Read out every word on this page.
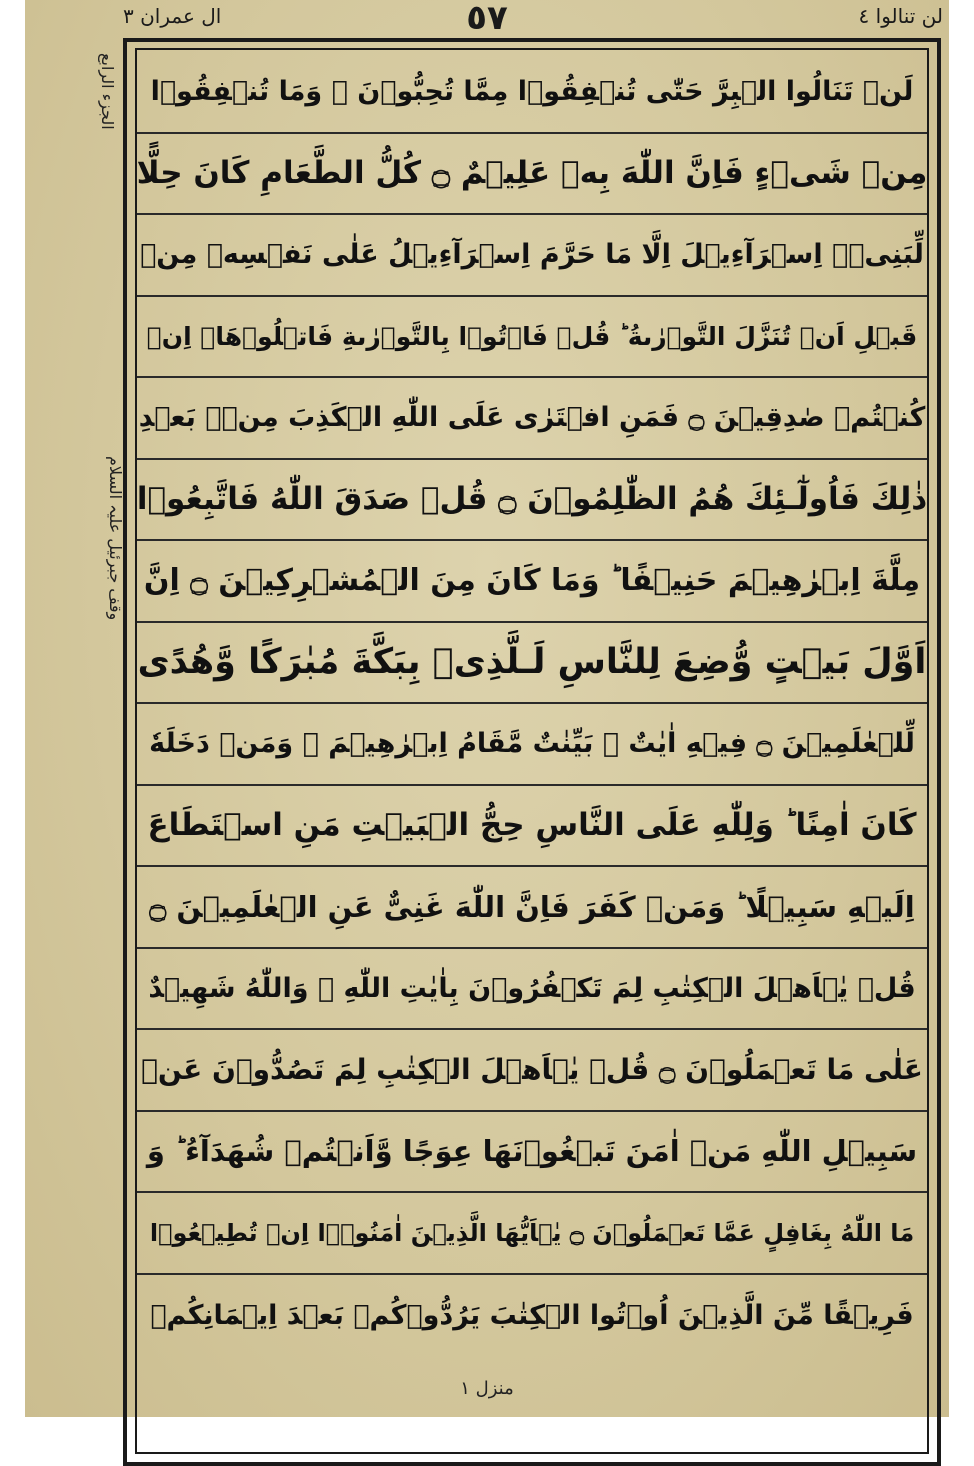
لن تنالوا ٤
٥٧
ال عمران ٣
الجزء الرابع
وقف جبرئیل علیہ السلام
لَنۡ تَنَالُوا الۡبِرَّ حَتّٰى تُنۡفِقُوۡا مِمَّا تُحِبُّوۡنَ ۬ وَمَا تُنۡفِقُوۡا
مِنۡ شَىۡءٍ فَاِنَّ اللّٰهَ بِهٖ عَلِيۡمٌ ۝ كُلُّ الطَّعَامِ كَانَ حِلًّا
لِّبَنِىۡۤ اِسۡرَآءِيۡلَ اِلَّا مَا حَرَّمَ اِسۡرَآءِيۡلُ عَلٰى نَفۡسِهٖ مِنۡ
قَبۡلِ اَنۡ تُنَزَّلَ التَّوۡرٰٮةُ ‌ؕ قُلۡ فَاۡتُوۡا بِالتَّوۡرٰٮةِ فَاتۡلُوۡهَاۤ اِنۡ
كُنۡتُمۡ صٰدِقِيۡنَ ۝ فَمَنِ افۡتَرٰى عَلَى اللّٰهِ الۡكَذِبَ مِنۡۢ بَعۡدِ
ذٰلِكَ فَاُولٰٓـئِكَ هُمُ الظّٰلِمُوۡنَ ۝ قُلۡ صَدَقَ اللّٰهُ‌ فَاتَّبِعُوۡا
مِلَّةَ اِبۡرٰهِيۡمَ حَنِيۡفًا ؕ وَمَا كَانَ مِنَ الۡمُشۡرِكِيۡنَ ۝ اِنَّ
اَوَّلَ بَيۡتٍ وُّضِعَ لِلنَّاسِ لَـلَّذِىۡ بِبَكَّةَ مُبٰرَكًا وَّهُدًى
لِّلۡعٰلَمِيۡنَ ۝ فِيۡهِ اٰيٰتٌ ۢ بَيِّنٰتٌ مَّقَامُ اِبۡرٰهِيۡمَ ۚ وَمَنۡ دَخَلَهٗ
كَانَ اٰمِنًا ؕ وَلِلّٰهِ عَلَى النَّاسِ حِجُّ الۡبَيۡتِ مَنِ اسۡتَطَاعَ
اِلَيۡهِ سَبِيۡلًا ؕ وَمَنۡ كَفَرَ فَاِنَّ اللّٰهَ غَنِىٌّ عَنِ الۡعٰلَمِيۡنَ ۝
قُلۡ يٰۤاَهۡلَ الۡكِتٰبِ لِمَ تَكۡفُرُوۡنَ بِاٰيٰتِ اللّٰهِ ۖ وَاللّٰهُ شَهِيۡدٌ
عَلٰى مَا تَعۡمَلُوۡنَ ۝ قُلۡ يٰۤاَهۡلَ الۡكِتٰبِ لِمَ تَصُدُّوۡنَ عَنۡ
سَبِيۡلِ اللّٰهِ مَنۡ اٰمَنَ تَبۡغُوۡنَهَا عِوَجًا وَّاَنۡتُمۡ شُهَدَآءُ ‌ؕ وَ
مَا اللّٰهُ بِغَافِلٍ عَمَّا تَعۡمَلُوۡنَ ۝ يٰۤاَيُّهَا الَّذِيۡنَ اٰمَنُوۡۤا اِنۡ تُطِيۡعُوۡا
فَرِيۡقًا مِّنَ الَّذِيۡنَ اُوۡتُوا الۡكِتٰبَ يَرُدُّوۡكُمۡ بَعۡدَ اِيۡمَانِكُمۡ
منزل ١
